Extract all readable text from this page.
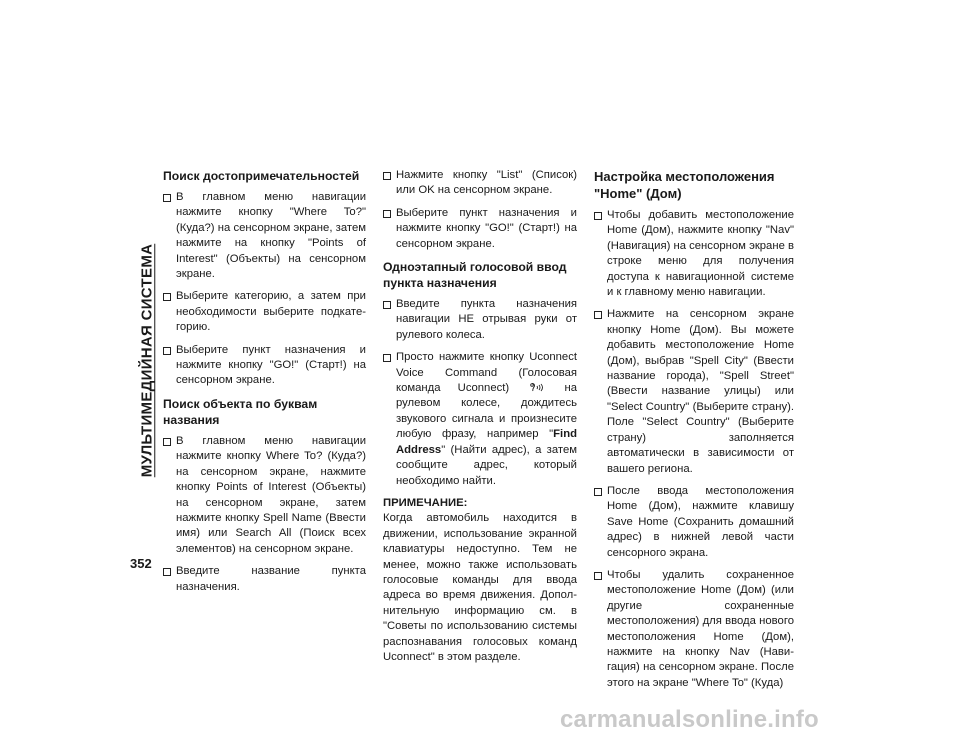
МУЛЬТИМЕДИЙНАЯ СИСТЕМА
352
Поиск достопримечательностей
В главном меню навигации нажмите кнопку "Where To?" (Куда?) на сенсорном экране, затем нажмите на кнопку "Points of Interest" (Объекты) на сенсорном экране.
Выберите категорию, а затем при необходимости выберите подкатегорию.
Выберите пункт назначения и нажмите кнопку "GO!" (Старт!) на сенсорном экране.
Поиск объекта по буквам названия
В главном меню навигации нажмите кнопку Where To? (Куда?) на сенсорном экране, нажмите кнопку Points of Interest (Объекты) на сенсорном экране, затем нажмите кнопку Spell Name (Ввести имя) или Search All (Поиск всех элементов) на сенсорном экране.
Введите название пункта назначения.
Нажмите кнопку "List" (Список) или OK на сенсорном экране.
Выберите пункт назначения и нажмите кнопку "GO!" (Старт!) на сенсорном экране.
Одноэтапный голосовой ввод пункта назначения
Введите пункта назначения навигации НЕ отрывая руки от рулевого колеса.
Просто нажмите кнопку Uconnect Voice Command (Голосовая команда Uconnect)	на рулевом колесе, дождитесь звукового сигнала и произнесите любую фразу, например "Find Address" (Найти адрес), а затем сообщите адрес, который необходимо найти.
ПРИМЕЧАНИЕ:
Когда автомобиль находится в движении, использование экранной клавиатуры недоступно. Тем не менее, можно также использовать голосовые команды для ввода адреса во время движения. Дополнительную информацию см. в "Советы по использованию системы распознавания голосовых команд Uconnect" в этом разделе.
Настройка местоположения "Home" (Дом)
Чтобы добавить местоположение Home (Дом), нажмите кнопку "Nav" (Навигация) на сенсорном экране в строке меню для получения доступа к навигационной системе и к главному меню навигации.
Нажмите на сенсорном экране кнопку Home (Дом). Вы можете добавить местоположение Home (Дом), выбрав "Spell City" (Ввести название города), "Spell Street" (Ввести название улицы) или "Select Country" (Выберите страну). Поле "Select Country" (Выберите страну) заполняется автоматически в зависимости от вашего региона.
После ввода местоположения Home (Дом), нажмите клавишу Save Home (Сохранить домашний адрес) в нижней левой части сенсорного экрана.
Чтобы удалить сохраненное местоположение Home (Дом) (или другие сохраненные местоположения) для ввода нового местоположения Home (Дом), нажмите на кнопку Nav (Навигация) на сенсорном экране. После этого на экране "Where To" (Куда)
carmanualsonline.info
